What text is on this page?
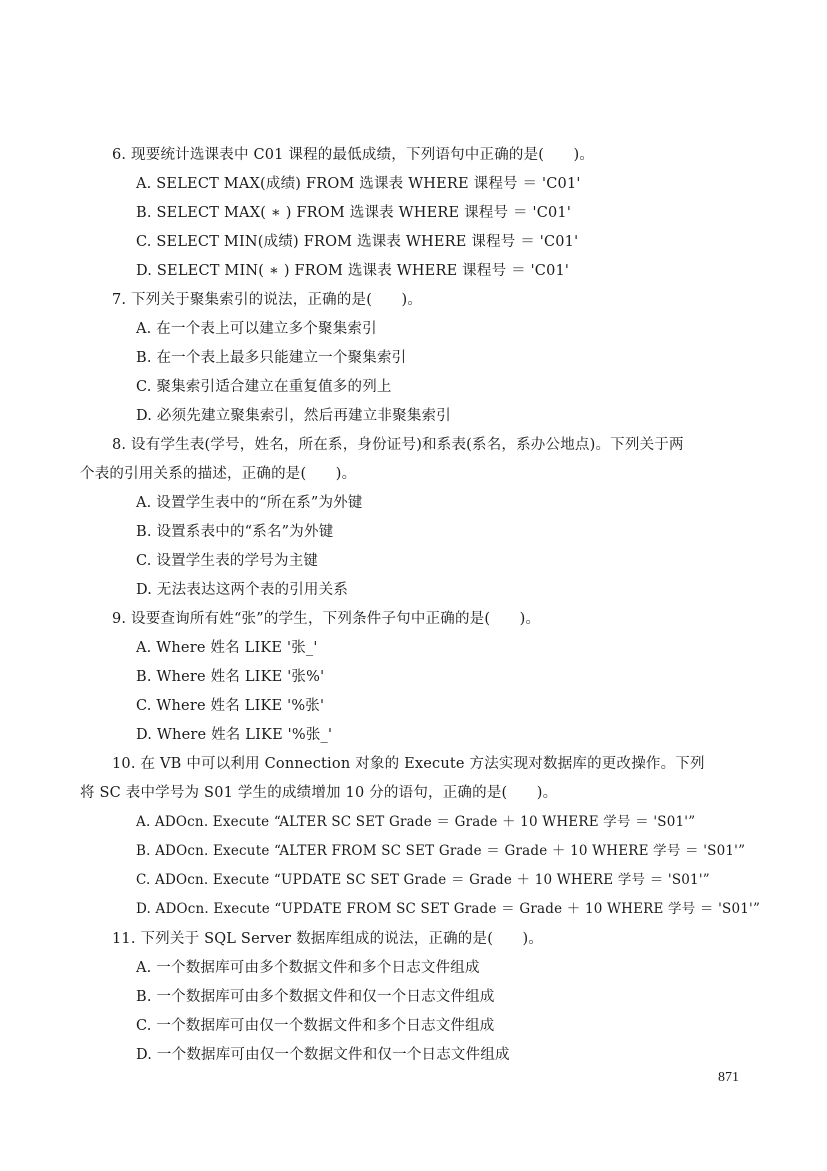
6. 现要统计选课表中 C01 课程的最低成绩，下列语句中正确的是(　　)。
A. SELECT MAX(成绩) FROM 选课表 WHERE 课程号 ＝ 'C01'
B. SELECT MAX( ∗ ) FROM 选课表 WHERE 课程号 ＝ 'C01'
C. SELECT MIN(成绩) FROM 选课表 WHERE 课程号 ＝ 'C01'
D. SELECT MIN( ∗ ) FROM 选课表 WHERE 课程号 ＝ 'C01'
7. 下列关于聚集索引的说法，正确的是(　　)。
A. 在一个表上可以建立多个聚集索引
B. 在一个表上最多只能建立一个聚集索引
C. 聚集索引适合建立在重复值多的列上
D. 必须先建立聚集索引，然后再建立非聚集索引
8. 设有学生表(学号，姓名，所在系，身份证号)和系表(系名，系办公地点)。下列关于两
个表的引用关系的描述，正确的是(　　)。
A. 设置学生表中的“所在系”为外键
B. 设置系表中的“系名”为外键
C. 设置学生表的学号为主键
D. 无法表达这两个表的引用关系
9. 设要查询所有姓“张”的学生，下列条件子句中正确的是(　　)。
A. Where 姓名 LIKE '张_'
B. Where 姓名 LIKE '张%'
C. Where 姓名 LIKE '%张'
D. Where 姓名 LIKE '%张_'
10. 在 VB 中可以利用 Connection 对象的 Execute 方法实现对数据库的更改操作。下列
将 SC 表中学号为 S01 学生的成绩增加 10 分的语句，正确的是(　　)。
A. ADOcn. Execute “ALTER SC SET Grade ＝ Grade ＋ 10 WHERE 学号 ＝ 'S01'”
B. ADOcn. Execute “ALTER FROM SC SET Grade ＝ Grade ＋ 10 WHERE 学号 ＝ 'S01'”
C. ADOcn. Execute “UPDATE SC SET Grade ＝ Grade ＋ 10 WHERE 学号 ＝ 'S01'”
D. ADOcn. Execute “UPDATE FROM SC SET Grade ＝ Grade ＋ 10 WHERE 学号 ＝ 'S01'”
11. 下列关于 SQL Server 数据库组成的说法，正确的是(　　)。
A. 一个数据库可由多个数据文件和多个日志文件组成
B. 一个数据库可由多个数据文件和仅一个日志文件组成
C. 一个数据库可由仅一个数据文件和多个日志文件组成
D. 一个数据库可由仅一个数据文件和仅一个日志文件组成
871
